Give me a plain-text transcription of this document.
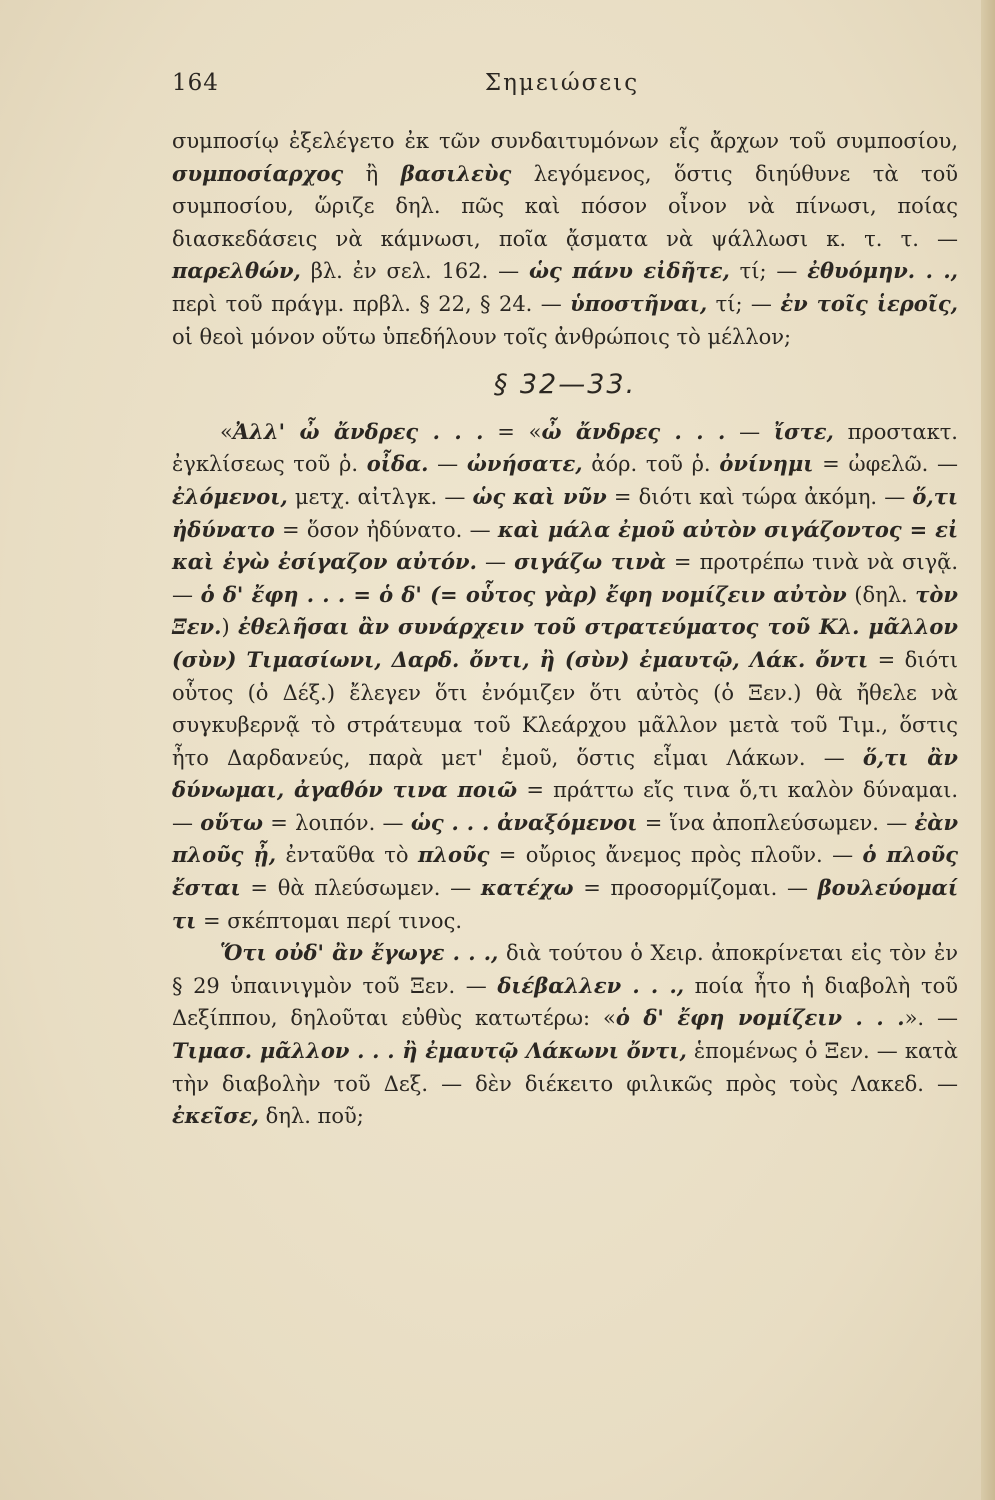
164	Σημειώσεις

συμποσίῳ ἐξελέγετο ἐκ τῶν συνδαιτυμόνων εἷς ἄρχων τοῦ συμποσίου, συμποσίαρχος ἢ βασιλεὺς λεγόμενος, ὅστις διηύθυνε τὰ τοῦ συμποσίου, ὥριζε δηλ. πῶς καὶ πόσον οἶνον νὰ πίνωσι, ποίας διασκεδάσεις νὰ κάμνωσι, ποῖα ᾄσματα νὰ ψάλλωσι κ. τ. τ. — παρελθών, βλ. ἐν σελ. 162. — ὡς πάνυ εἰδῆτε, τί; — ἐθυόμην. . ., περὶ τοῦ πράγμ. πρβλ. § 22, § 24. — ὑποστῆναι, τί; — ἐν τοῖς ἱεροῖς, οἱ θεοὶ μόνον οὕτω ὑπεδήλουν τοῖς ἀνθρώποις τὸ μέλλον;

§ 32—33.

«Ἀλλ' ὦ ἄνδρες . . . = «ὦ ἄνδρες . . . — ἴστε, προστακτ. ἐγκλίσεως τοῦ ῥ. οἶδα. — ὠνήσατε, ἀόρ. τοῦ ῥ. ὀνίνημι = ὠφελῶ. — ἐλόμενοι, μετχ. αἰτλγκ. — ὡς καὶ νῦν = διότι καὶ τώρα ἀκόμη. — ὅ,τι ἠδύνατο = ὅσον ἠδύνατο. — καὶ μάλα ἐμοῦ αὐτὸν σιγάζοντος = εἰ καὶ ἐγὼ ἐσίγαζον αὐτόν. — σιγάζω τινὰ = προτρέπω τινὰ νὰ σιγᾷ. — ὁ δ' ἔφη . . . = ὁ δ' (= οὗτος γὰρ) ἔφη νομίζειν αὐτὸν (δηλ. τὸν Ξεν.) ἐθελῆσαι ἂν συνάρχειν τοῦ στρατεύματος τοῦ Κλ. μᾶλλον (σὺν) Τιμασίωνι, Δαρδ. ὄντι, ἢ (σὺν) ἐμαυτῷ, Λάκ. ὄντι = διότι οὗτος (ὁ Δέξ.) ἔλεγεν ὅτι ἐνόμιζεν ὅτι αὐτὸς (ὁ Ξεν.) θὰ ἤθελε νὰ συγκυβερνᾷ τὸ στράτευμα τοῦ Κλεάρχου μᾶλλον μετὰ τοῦ Τιμ., ὅστις ἦτο Δαρδανεύς, παρὰ μετ' ἐμοῦ, ὅστις εἶμαι Λάκων. — ὅ,τι ἂν δύνωμαι, ἀγαθόν τινα ποιῶ = πράττω εἴς τινα ὅ,τι καλὸν δύναμαι. — οὕτω = λοιπόν. — ὡς . . . ἀναξόμενοι = ἵνα ἀποπλεύσωμεν. — ἐὰν πλοῦς ᾖ, ἐνταῦθα τὸ πλοῦς = οὔριος ἄνεμος πρὸς πλοῦν. — ὁ πλοῦς ἔσται = θὰ πλεύσωμεν. — κατέχω = προσορμίζομαι. — βουλεύομαί τι = σκέπτομαι περί τινος.

Ὅτι οὐδ' ἂν ἔγωγε . . ., διὰ τούτου ὁ Χειρ. ἀποκρίνεται εἰς τὸν ἐν § 29 ὑπαινιγμὸν τοῦ Ξεν. — διέβαλλεν . . ., ποία ἦτο ἡ διαβολὴ τοῦ Δεξίππου, δηλοῦται εὐθὺς κατωτέρω: «ὁ δ' ἔφη νομίζειν . . .». — Τιμασ. μᾶλλον . . . ἢ ἐμαυτῷ Λάκωνι ὄντι, ἑπομένως ὁ Ξεν. — κατὰ τὴν διαβολὴν τοῦ Δεξ. — δὲν διέκειτο φιλικῶς πρὸς τοὺς Λακεδ. — ἐκεῖσε, δηλ. ποῦ;
